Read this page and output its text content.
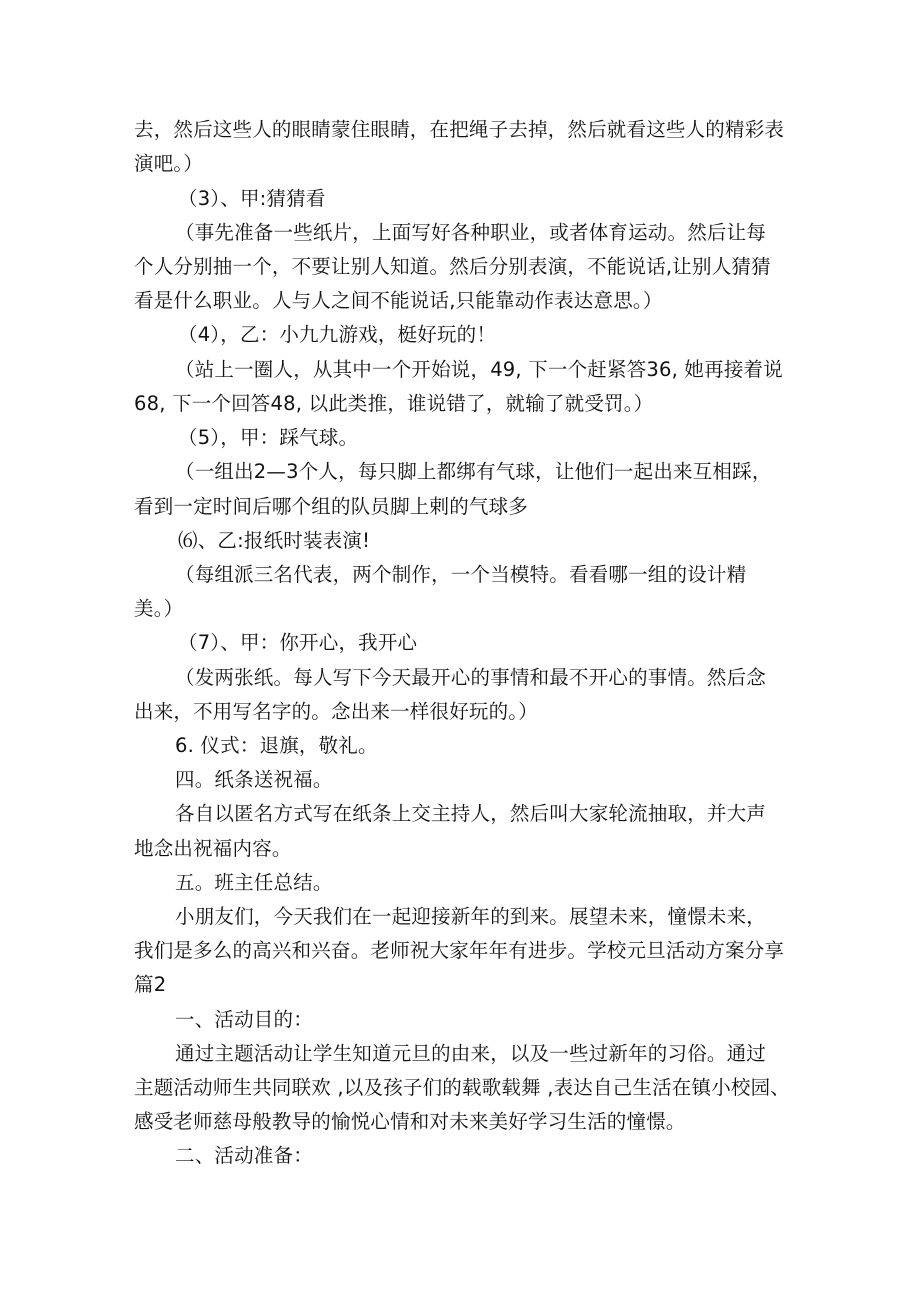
去，然后这些人的眼睛蒙住眼睛，在把绳子去掉，然后就看这些人的精彩表
演吧。）
（3）、甲:猜猜看
（事先准备一些纸片，上面写好各种职业，或者体育运动。然后让每
个人分别抽一个，不要让别人知道。然后分别表演，不能说话,让别人猜猜
看是什么职业。人与人之间不能说话,只能靠动作表达意思。）
（4），乙：小九九游戏，梃好玩的！
（站上一圈人，从其中一个开始说，49, 下一个赶紧答36, 她再接着说
68, 下一个回答48, 以此类推，谁说错了，就输了就受罚。）
（5），甲：踩气球。
（一组出2—3个人，每只脚上都绑有气球，让他们一起出来互相踩，
看到一定时间后哪个组的队员脚上剌的气球多
⑹、乙:报纸时装表演!
（每组派三名代表，两个制作，一个当模特。看看哪一组的设计精
美。）
（7）、甲：你开心，我开心
（发两张纸。每人写下今天最开心的事情和最不开心的事情。然后念
出来，不用写名字的。念出来一样很好玩的。）
6. 仪式：退旗，敬礼。
四。纸条送祝福。
各自以匿名方式写在纸条上交主持人，然后叫大家轮流抽取，并大声
地念出祝福内容。
五。班主任总结。
小朋友们，今天我们在一起迎接新年的到来。展望未来，憧憬未来，
我们是多么的高兴和兴奋。老师祝大家年年有进步。学校元旦活动方案分享
篇2
一、活动目的：
通过主题活动让学生知道元旦的由来，以及一些过新年的习俗。通过
主题活动师生共同联欢 ,以及孩子们的载歌载舞 ,表达自己生活在镇小校园、
感受老师慈母般教导的愉悦心情和对未来美好学习生活的憧憬。
二、活动准备：
